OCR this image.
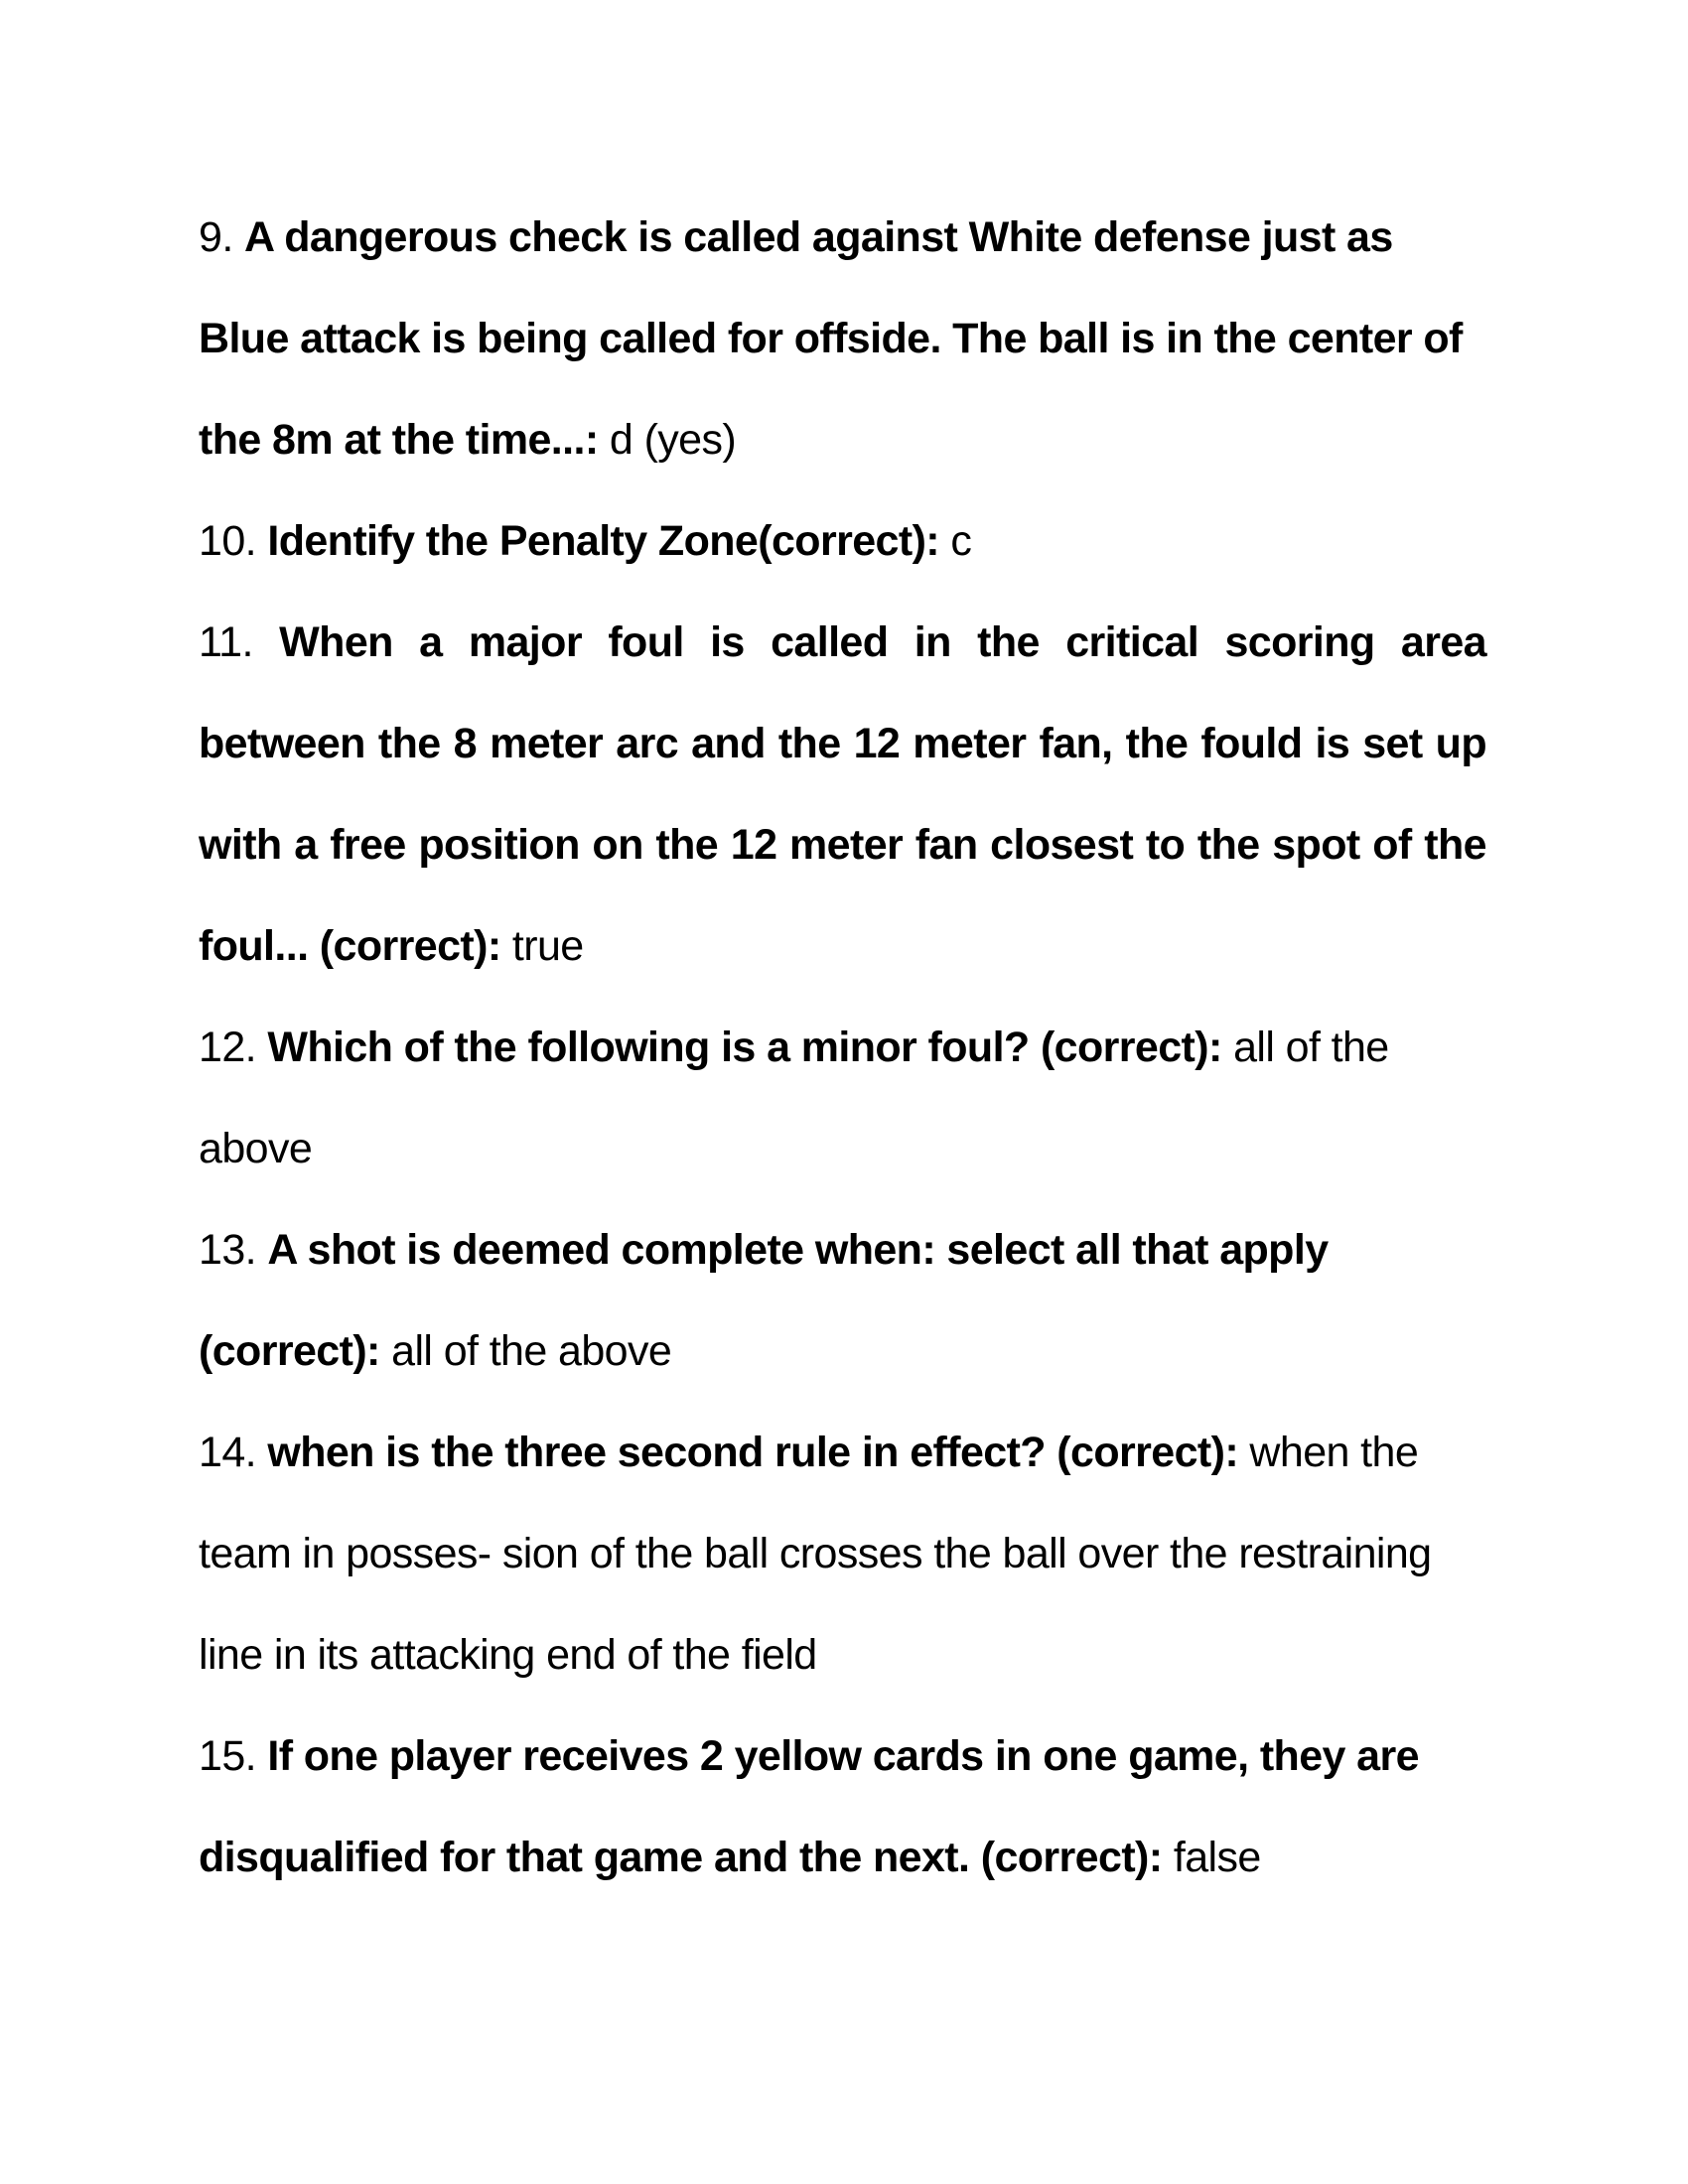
9. A dangerous check is called against White defense just as Blue attack is being called for offside. The ball is in the center of the 8m at the time...: d (yes)

10. Identify the Penalty Zone(correct): c

11. When a major foul is called in the critical scoring area between the 8 meter arc and the 12 meter fan, the fould is set up with a free position on the 12 meter fan closest to the spot of the foul... (correct): true

12. Which of the following is a minor foul? (correct): all of the above

13. A shot is deemed complete when: select all that apply (correct): all of the above

14. when is the three second rule in effect? (correct): when the team in posses- sion of the ball crosses the ball over the restraining line in its attacking end of the field

15. If one player receives 2 yellow cards in one game, they are disqualified for that game and the next. (correct): false
